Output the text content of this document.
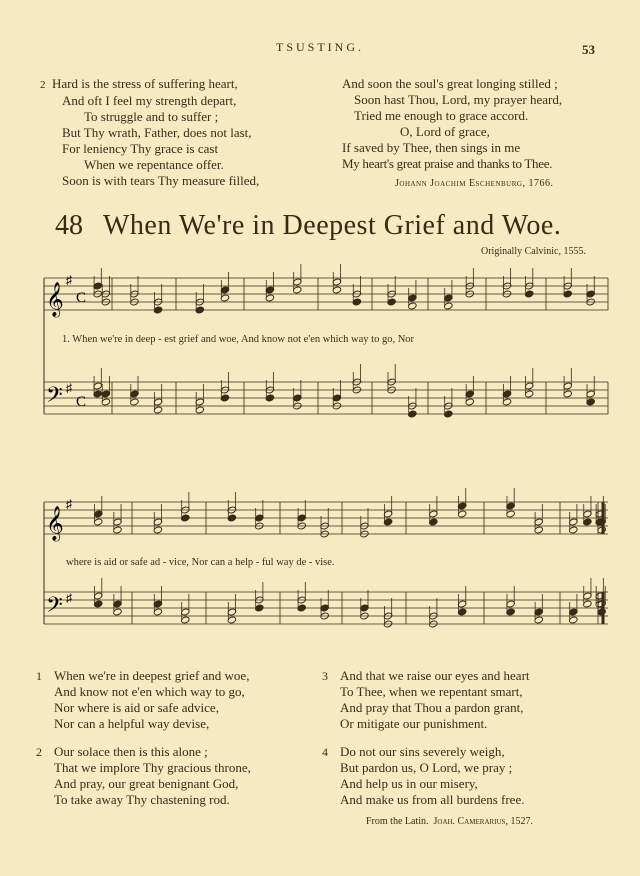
TSUSTING.	53
2 Hard is the stress of suffering heart,
And oft I feel my strength depart,
To struggle and to suffer ;
But Thy wrath, Father, does not last,
For leniency Thy grace is cast
When we repentance offer.
Soon is with tears Thy measure filled,
And soon the soul's great longing stilled ;
Soon hast Thou, Lord, my prayer heard,
Tried me enough to grace accord.
O, Lord of grace,
If saved by Thee, then sings in me
My heart's great praise and thanks to Thee.
Johann Joachim Eschenburg, 1766.
48 When We're in Deepest Grief and Woe.
Originally Calvinic, 1555.
𝄞
𝄢
♯
♯
C
C
1. When we're in deep - est grief and woe, And know not e'en which way to go, Nor
𝄞
𝄢
♯
♯
where is aid or safe ad - vice, Nor can a help - ful way de - vise.
1 When we're in deepest grief and woe,
And know not e'en which way to go,
Nor where is aid or safe advice,
Nor can a helpful way devise,
2 Our solace then is this alone ;
That we implore Thy gracious throne,
And pray, our great benignant God,
To take away Thy chastening rod.
3 And that we raise our eyes and heart
To Thee, when we repentant smart,
And pray that Thou a pardon grant,
Or mitigate our punishment.
4 Do not our sins severely weigh,
But pardon us, O Lord, we pray ;
And help us in our misery,
And make us from all burdens free.
From the Latin. Joah. Camerarius, 1527.
